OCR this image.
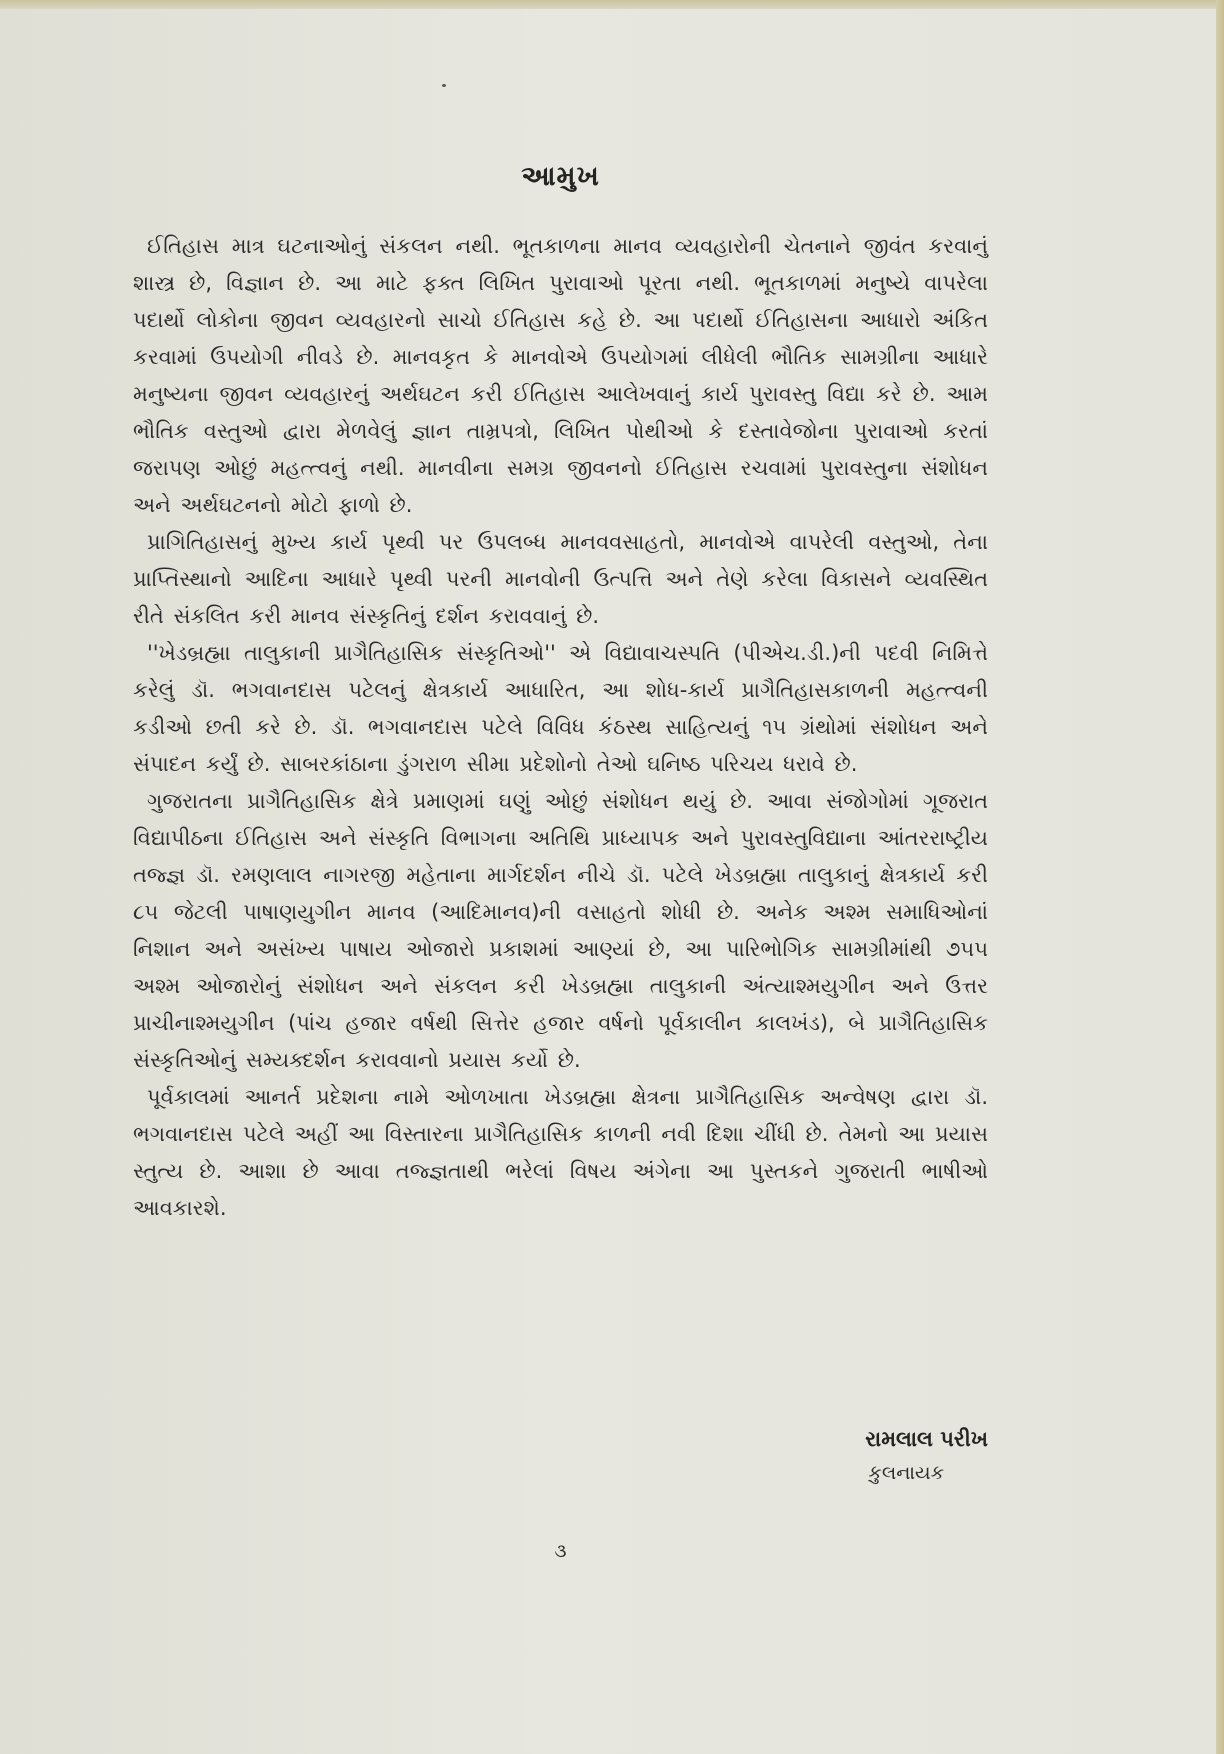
આમુખ

ઈતિહાસ માત્ર ઘટનાઓનું સંકલન નથી. ભૂતકાળના માનવ વ્યવહારોની ચેતનાને જીવંત કરવાનું શાસ્ત્ર છે, વિજ્ઞાન છે. આ માટે ફક્ત લિખિત પુરાવાઓ પૂરતા નથી. ભૂતકાળમાં મનુષ્યે વાપરેલા પદાર્થો લોકોના જીવન વ્યવહારનો સાચો ઈતિહાસ કહે છે. આ પદાર્થો ઈતિહાસના આધારો અંકિત કરવામાં ઉપયોગી નીવડે છે. માનવકૃત કે માનવોએ ઉપયોગમાં લીધેલી ભૌતિક સામગ્રીના આધારે મનુષ્યના જીવન વ્યવહારનું અર્થઘટન કરી ઈતિહાસ આલેખવાનું કાર્ય પુરાવસ્તુ વિદ્યા કરે છે. આમ ભૌતિક વસ્તુઓ દ્વારા મેળવેલું જ્ઞાન તામ્રપત્રો, લિખિત પોથીઓ કે દસ્તાવેજોના પુરાવાઓ કરતાં જરાપણ ઓછું મહત્ત્વનું નથી. માનવીના સમગ્ર જીવનનો ઈતિહાસ રચવામાં પુરાવસ્તુના સંશોધન અને અર્થઘટનનો મોટો ફાળો છે.

પ્રાગિતિહાસનું મુખ્ય કાર્ય પૃથ્વી પર ઉપલબ્ધ માનવવસાહતો, માનવોએ વાપરેલી વસ્તુઓ, તેના પ્રાપ્તિસ્થાનો આદિના આધારે પૃથ્વી પરની માનવોની ઉત્પત્તિ અને તેણે કરેલા વિકાસને વ્યવસ્થિત રીતે સંકલિત કરી માનવ સંસ્કૃતિનું દર્શન કરાવવાનું છે.

''ખેડબ્રહ્મા તાલુકાની પ્રાગૈતિહાસિક સંસ્કૃતિઓ'' એ વિદ્યાવાચસ્પતિ (પીએચ.ડી.)ની પદવી નિમિત્તે કરેલું ડૉ. ભગવાનદાસ પટેલનું ક્ષેત્રકાર્ય આધારિત, આ શોધ-કાર્ય પ્રાગૈતિહાસકાળની મહત્ત્વની કડીઓ છતી કરે છે. ડૉ. ભગવાનદાસ પટેલે વિવિધ કંઠસ્થ સાહિત્યનું ૧૫ ગ્રંથોમાં સંશોધન અને સંપાદન કર્યું છે. સાબરકાંઠાના ડુંગરાળ સીમા પ્રદેશોનો તેઓ ઘનિષ્ઠ પરિચય ધરાવે છે.

ગુજરાતના પ્રાગૈતિહાસિક ક્ષેત્રે પ્રમાણમાં ઘણું ઓછું સંશોધન થયું છે. આવા સંજોગોમાં ગૂજરાત વિદ્યાપીઠના ઈતિહાસ અને સંસ્કૃતિ વિભાગના અતિથિ પ્રાધ્યાપક અને પુરાવસ્તુવિદ્યાના આંતરરાષ્ટ્રીય તજ્જ્ઞ ડૉ. રમણલાલ નાગરજી મહેતાના માર્ગદર્શન નીચે ડૉ. પટેલે ખેડબ્રહ્મા તાલુકાનું ક્ષેત્રકાર્ય કરી ૮૫ જેટલી પાષાણયુગીન માનવ (આદિમાનવ)ની વસાહતો શોધી છે. અનેક અશ્મ સમાધિઓનાં નિશાન અને અસંખ્ય પાષાય ઓજારો પ્રકાશમાં આણ્યાં છે, આ પારિભોગિક સામગ્રીમાંથી ૭૫૫ અશ્મ ઓજારોનું સંશોધન અને સંકલન કરી ખેડબ્રહ્મા તાલુકાની અંત્યાશ્મયુગીન અને ઉત્તર પ્રાચીનાશ્મયુગીન (પાંચ હજાર વર્ષથી સિત્તેર હજાર વર્ષનો પૂર્વકાલીન કાલખંડ), બે પ્રાગૈતિહાસિક સંસ્કૃતિઓનું સમ્યક્દર્શન કરાવવાનો પ્રયાસ કર્યો છે.

પૂર્વકાલમાં આનર્ત પ્રદેશના નામે ઓળખાતા ખેડબ્રહ્મા ક્ષેત્રના પ્રાગૈતિહાસિક અન્વેષણ દ્વારા ડૉ. ભગવાનદાસ પટેલે અહીં આ વિસ્તારના પ્રાગૈતિહાસિક કાળની નવી દિશા ચીંધી છે. તેમનો આ પ્રયાસ સ્તુત્ય છે. આશા છે આવા તજ્જ્ઞતાથી ભરેલાં વિષય અંગેના આ પુસ્તકને ગુજરાતી ભાષીઓ આવકારશે.

રામલાલ પરીખ
કુલનાયક
૩
